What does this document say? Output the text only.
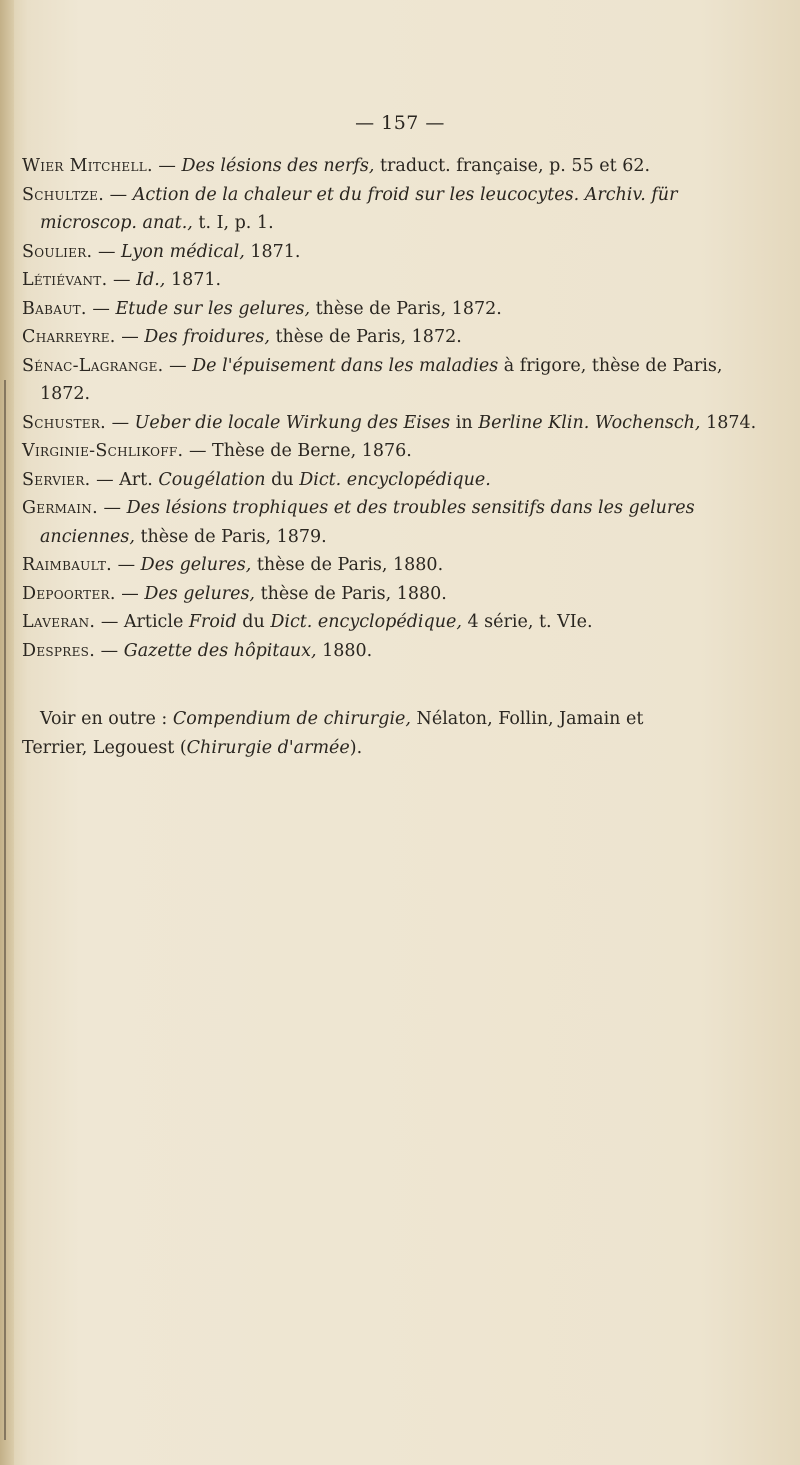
— 157 —

Wier Mitchell. — Des lésions des nerfs, traduct. française, p. 55 et 62.

Schultze. — Action de la chaleur et du froid sur les leucocytes. Archiv. für microscop. anat., t. I, p. 1.

Soulier. — Lyon médical, 1871.

Létiévant. — Id., 1871.

Babaut. — Etude sur les gelures, thèse de Paris, 1872.

Charreyre. — Des froidures, thèse de Paris, 1872.

Sénac-Lagrange. — De l'épuisement dans les maladies à frigore, thèse de Paris, 1872.

Schuster. — Ueber die locale Wirkung des Eises in Berline Klin. Wochensch, 1874.

Virginie-Schlikoff. — Thèse de Berne, 1876.

Servier. — Art. Cougélation du Dict. encyclopédique.

Germain. — Des lésions trophiques et des troubles sensitifs dans les gelures anciennes, thèse de Paris, 1879.

Raimbault. — Des gelures, thèse de Paris, 1880.

Depoorter. — Des gelures, thèse de Paris, 1880.

Laveran. — Article Froid du Dict. encyclopédique, 4 série, t. VIe.

Despres. — Gazette des hôpitaux, 1880.

Voir en outre : Compendium de chirurgie, Nélaton, Follin, Jamain et
Terrier, Legouest (Chirurgie d'armée).
